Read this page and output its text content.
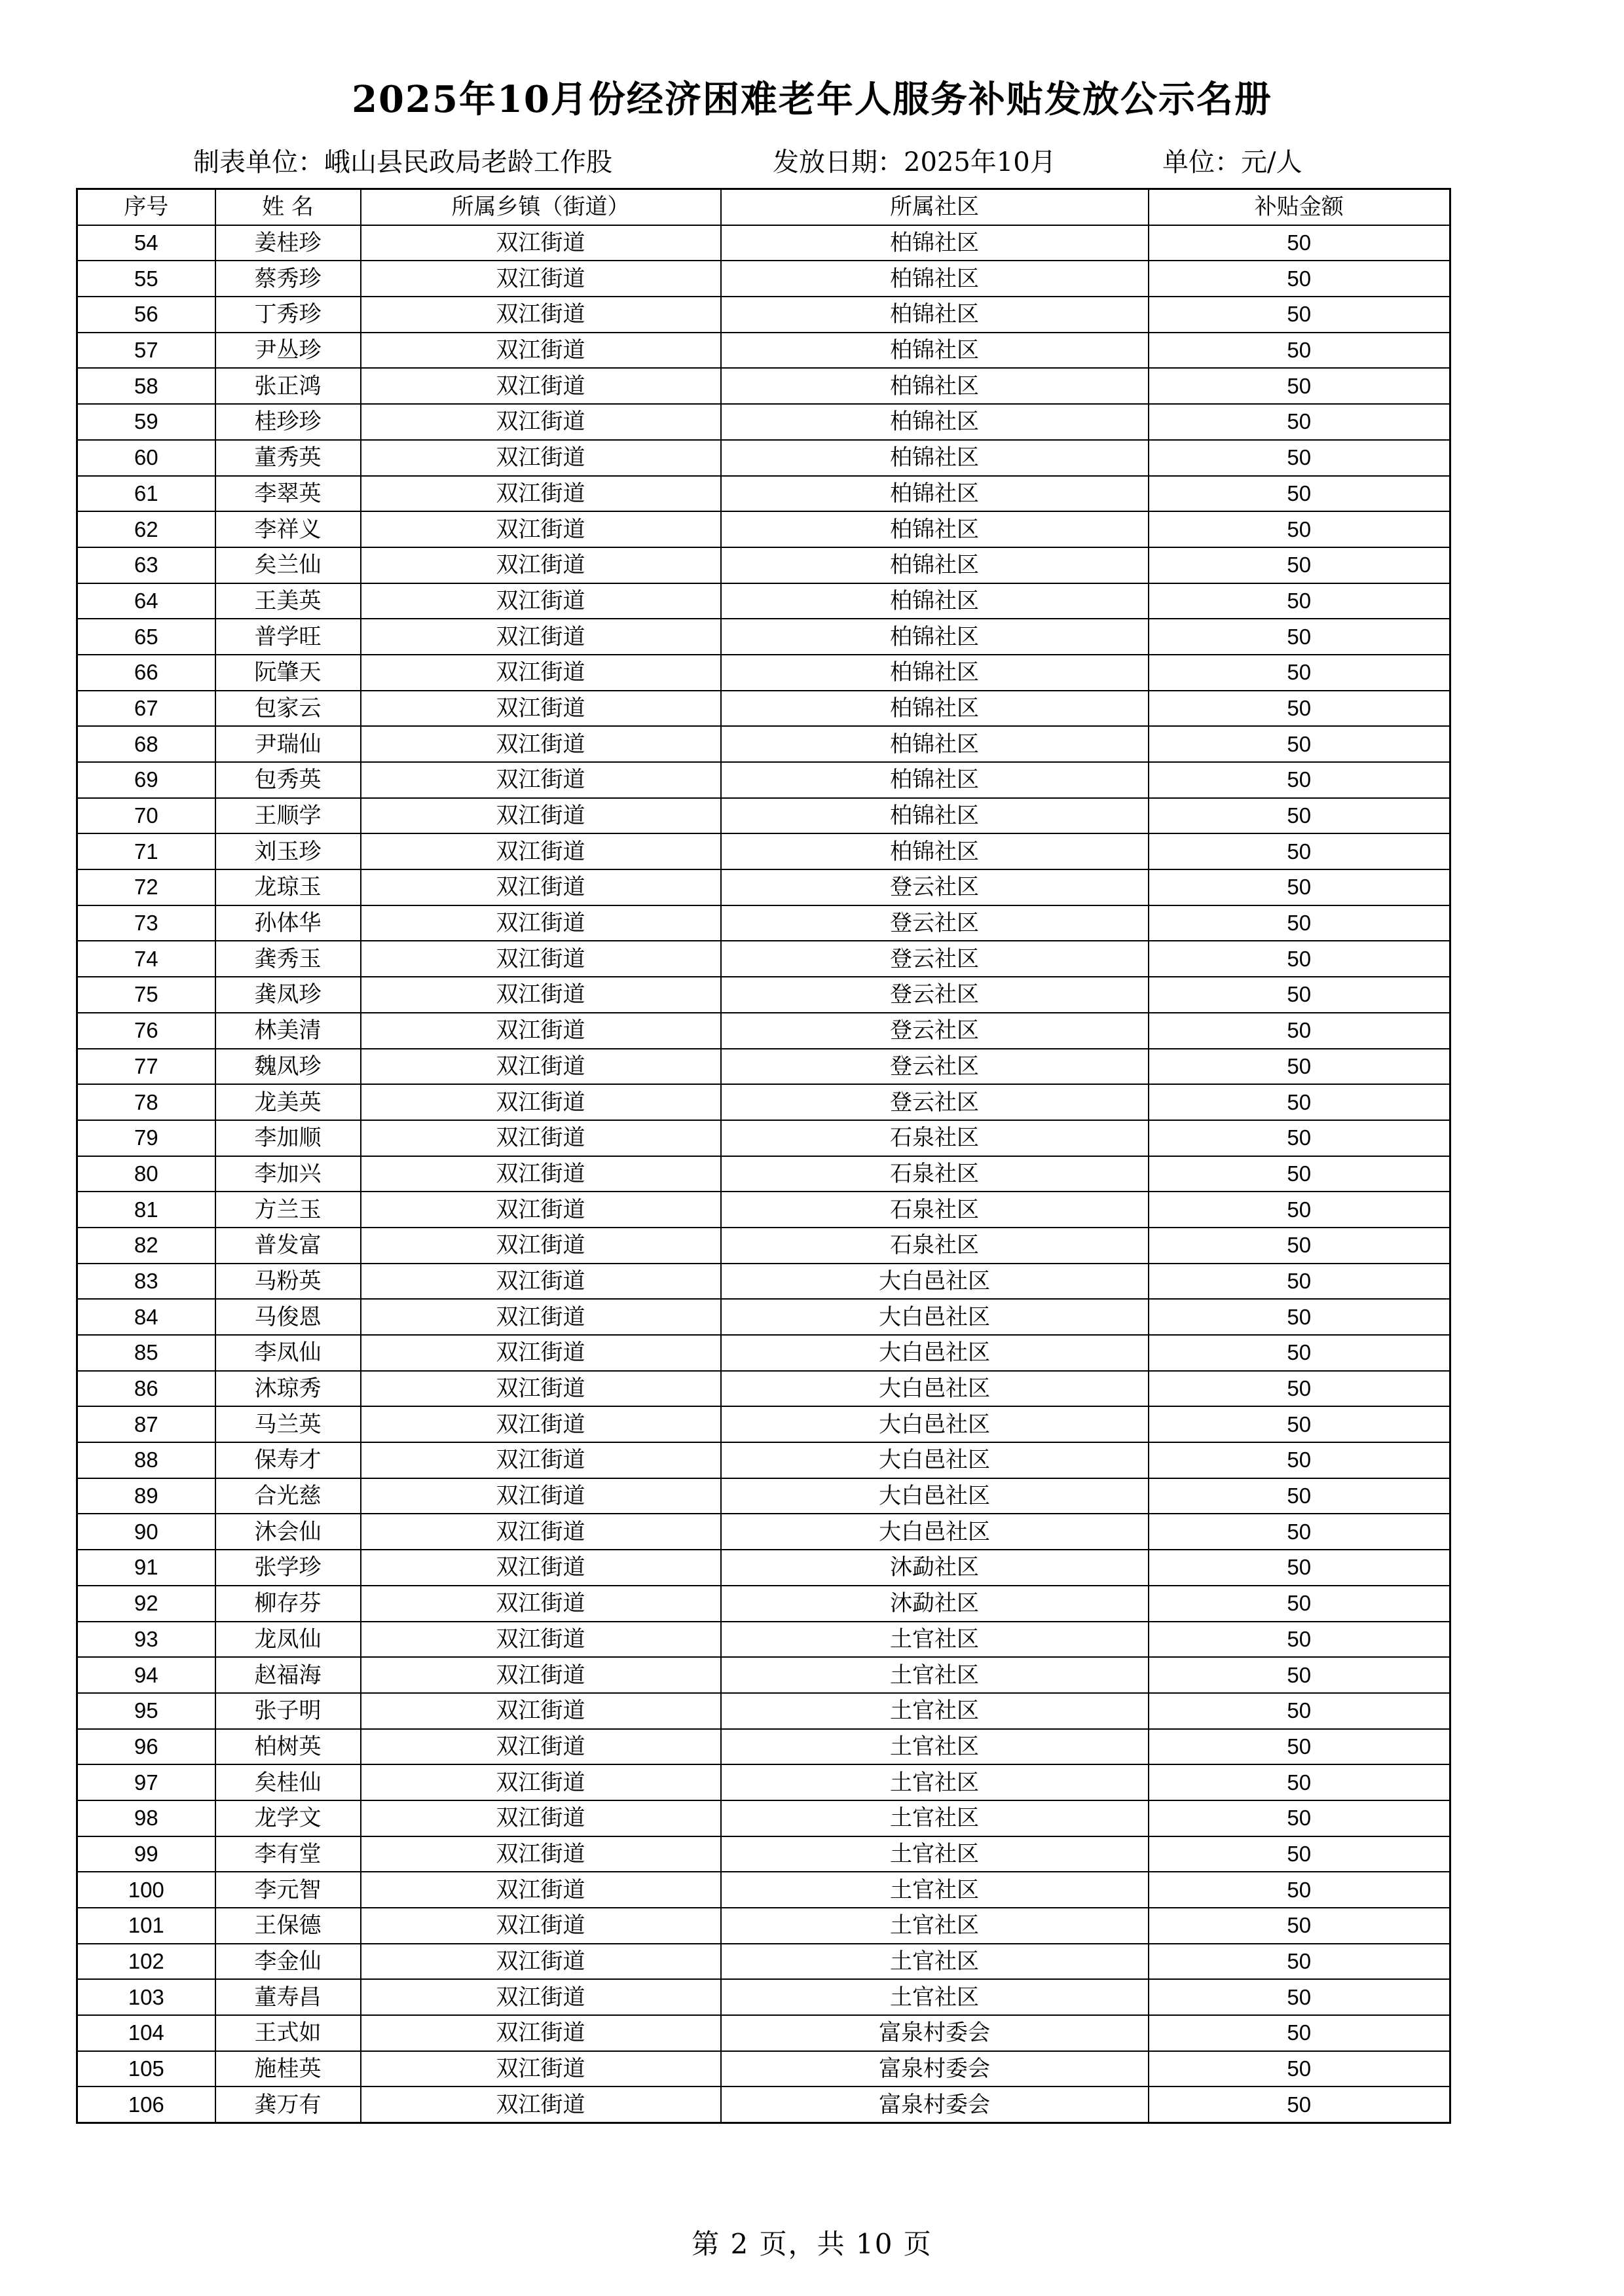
2025年10月份经济困难老年人服务补贴发放公示名册
制表单位：峨山县民政局老龄工作股	发放日期：2025年10月	单位：元/人
序号	姓 名	所属乡镇（街道）	所属社区	补贴金额
54	姜桂珍	双江街道	柏锦社区	50
55	蔡秀珍	双江街道	柏锦社区	50
56	丁秀珍	双江街道	柏锦社区	50
57	尹丛珍	双江街道	柏锦社区	50
58	张正鸿	双江街道	柏锦社区	50
59	桂珍珍	双江街道	柏锦社区	50
60	董秀英	双江街道	柏锦社区	50
61	李翠英	双江街道	柏锦社区	50
62	李祥义	双江街道	柏锦社区	50
63	矣兰仙	双江街道	柏锦社区	50
64	王美英	双江街道	柏锦社区	50
65	普学旺	双江街道	柏锦社区	50
66	阮肇天	双江街道	柏锦社区	50
67	包家云	双江街道	柏锦社区	50
68	尹瑞仙	双江街道	柏锦社区	50
69	包秀英	双江街道	柏锦社区	50
70	王顺学	双江街道	柏锦社区	50
71	刘玉珍	双江街道	柏锦社区	50
72	龙琼玉	双江街道	登云社区	50
73	孙体华	双江街道	登云社区	50
74	龚秀玉	双江街道	登云社区	50
75	龚凤珍	双江街道	登云社区	50
76	林美清	双江街道	登云社区	50
77	魏凤珍	双江街道	登云社区	50
78	龙美英	双江街道	登云社区	50
79	李加顺	双江街道	石泉社区	50
80	李加兴	双江街道	石泉社区	50
81	方兰玉	双江街道	石泉社区	50
82	普发富	双江街道	石泉社区	50
83	马粉英	双江街道	大白邑社区	50
84	马俊恩	双江街道	大白邑社区	50
85	李凤仙	双江街道	大白邑社区	50
86	沐琼秀	双江街道	大白邑社区	50
87	马兰英	双江街道	大白邑社区	50
88	保寿才	双江街道	大白邑社区	50
89	合光慈	双江街道	大白邑社区	50
90	沐会仙	双江街道	大白邑社区	50
91	张学珍	双江街道	沐勐社区	50
92	柳存芬	双江街道	沐勐社区	50
93	龙凤仙	双江街道	土官社区	50
94	赵福海	双江街道	土官社区	50
95	张子明	双江街道	土官社区	50
96	柏树英	双江街道	土官社区	50
97	矣桂仙	双江街道	土官社区	50
98	龙学文	双江街道	土官社区	50
99	李有堂	双江街道	土官社区	50
100	李元智	双江街道	土官社区	50
101	王保德	双江街道	土官社区	50
102	李金仙	双江街道	土官社区	50
103	董寿昌	双江街道	土官社区	50
104	王式如	双江街道	富泉村委会	50
105	施桂英	双江街道	富泉村委会	50
106	龚万有	双江街道	富泉村委会	50
第 2 页，共 10 页
